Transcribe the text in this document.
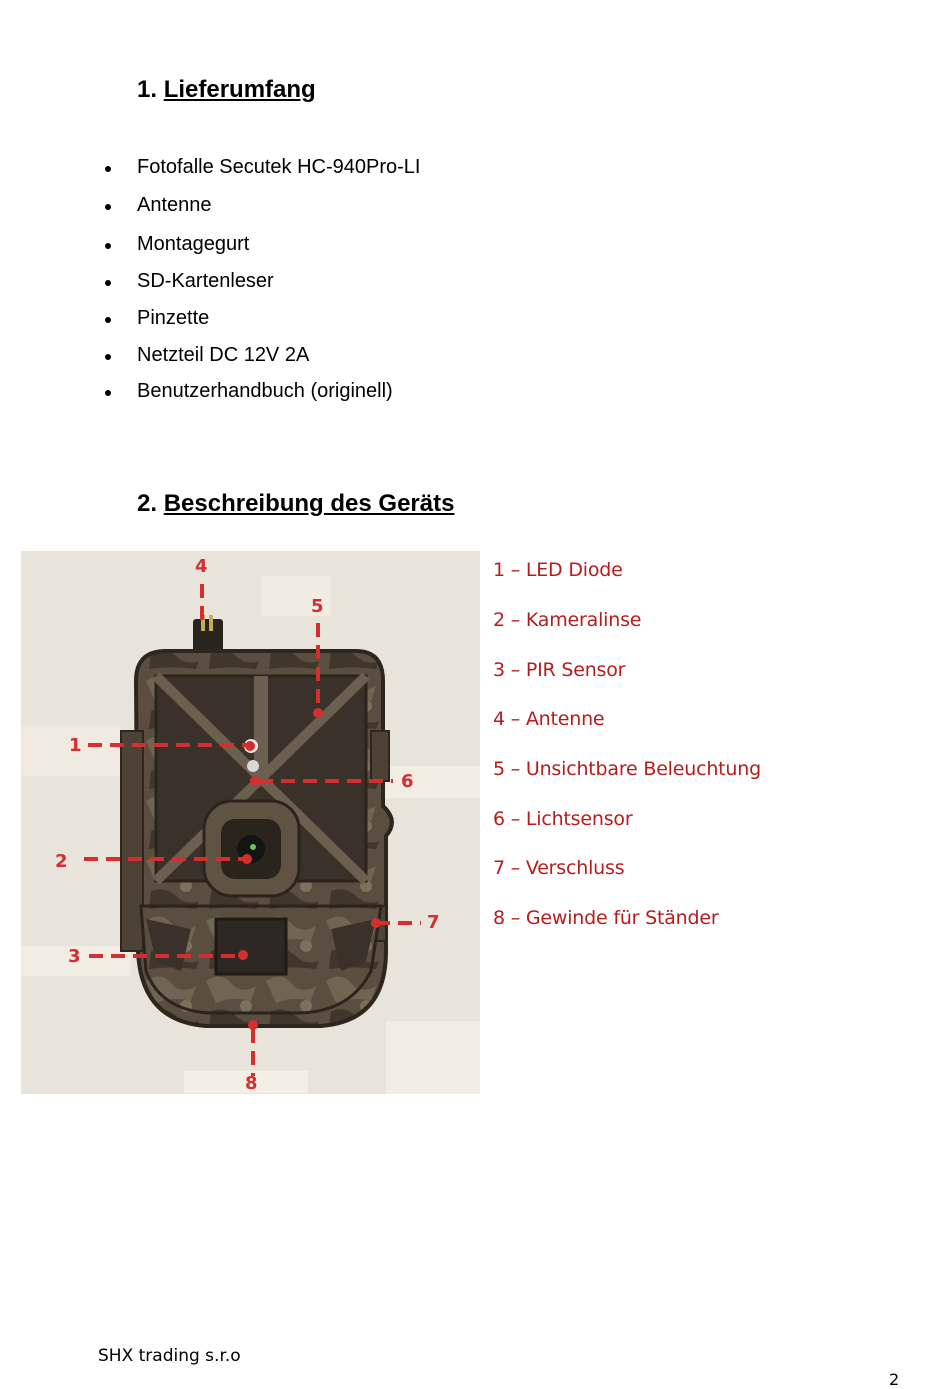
1. Lieferumfang
Fotofalle Secutek HC-940Pro-LI
Antenne
Montagegurt
SD-Kartenleser
Pinzette
Netzteil DC 12V 2A
Benutzerhandbuch (originell)
2. Beschreibung des Geräts
4
5
1
6
2
7
3
8
1 – LED Diode
2 – Kameralinse
3 – PIR Sensor
4 – Antenne
5 – Unsichtbare Beleuchtung
6 – Lichtsensor
7 – Verschluss
8 – Gewinde für Ständer
SHX trading s.r.o
2
